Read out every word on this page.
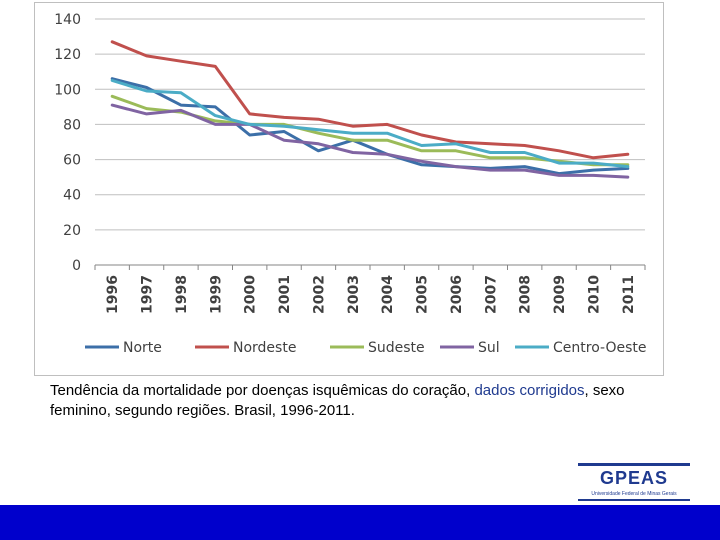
0
20
40
60
80
100
120
140
1996 1997 1998 1999 2000 2001 2002 2003 2004 2005 2006 2007 2008 2009 2010 2011
Norte	Nordeste	Sudeste	Sul	Centro-Oeste
Tendência da mortalidade por doenças isquêmicas do coração, dados corrigidos, sexo feminino, segundo regiões. Brasil, 1996-2011.
GPEAS
Universidade Federal de Minas Gerais
